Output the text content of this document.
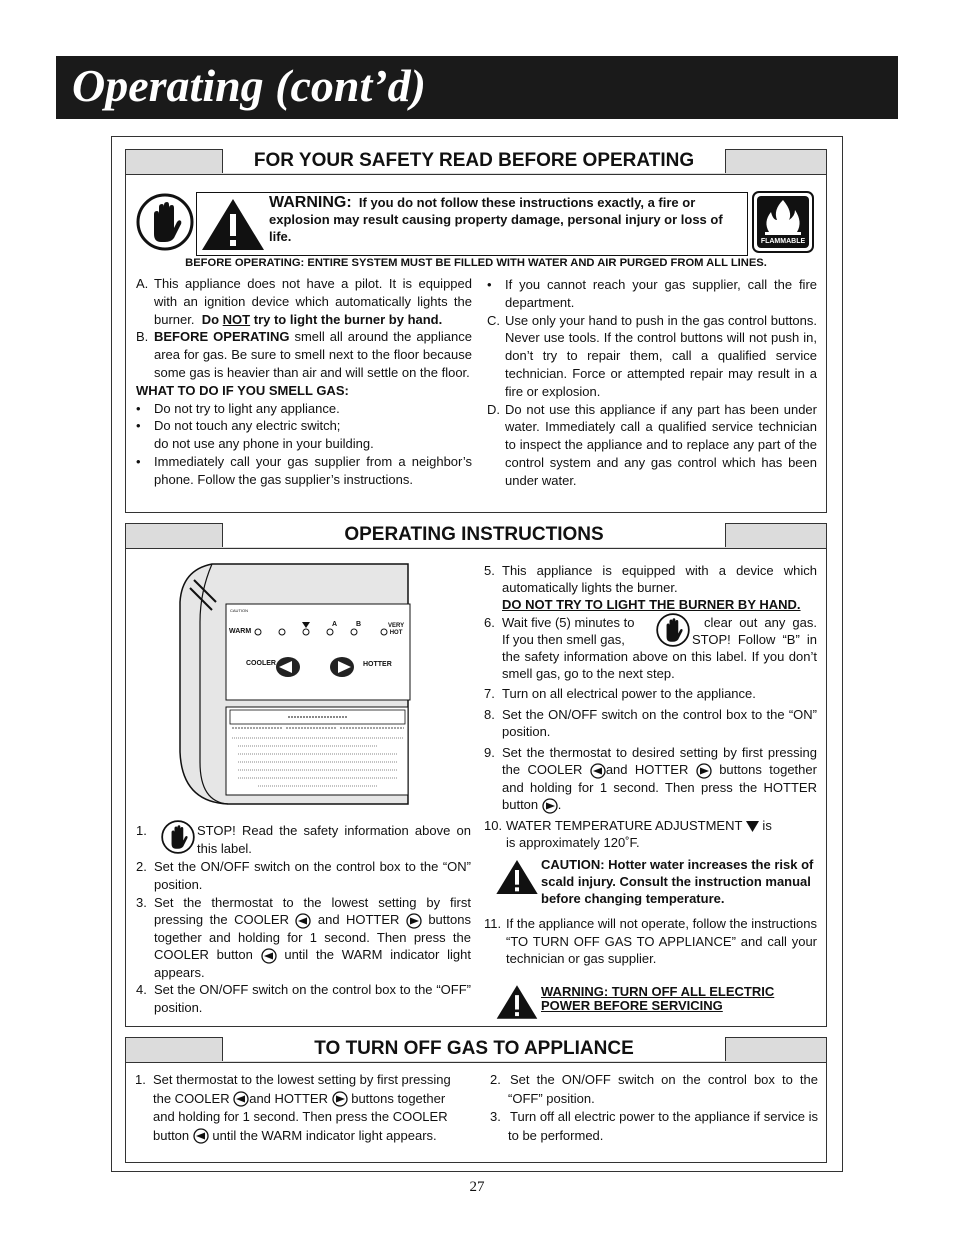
Operating (cont’d)
FOR YOUR SAFETY READ BEFORE OPERATING
WARNING: If you do not follow these instructions exactly, a fire or explosion may result causing property damage, personal injury or loss of life.	FLAMMABLE
BEFORE OPERATING: ENTIRE SYSTEM MUST BE FILLED WITH WATER AND AIR PURGED FROM ALL LINES.

A. This appliance does not have a pilot. It is equipped with an ignition device which automatically lights the burner. Do NOT try to light the burner by hand.

B. BEFORE OPERATING smell all around the appliance area for gas. Be sure to smell next to the floor because some gas is heavier than air and will settle on the floor.

WHAT TO DO IF YOU SMELL GAS:

• Do not try to light any appliance.

• Do not touch any electric switch;
do not use any phone in your building.

• Immediately call your gas supplier from a neighbor’s phone. Follow the gas supplier’s instructions.

• If you cannot reach your gas supplier, call the fire department.

C. Use only your hand to push in the gas control buttons. Never use tools. If the control buttons will not push in, don’t try to repair them, call a qualified service technician. Force or attempted repair may result in a fire or explosion.

D. Do not use this appliance if any part has been under water. Immediately call a qualified service technician to inspect the appliance and to replace any part of the control system and any gas control which has been under water.

OPERATING INSTRUCTIONS
CAUTION
WARM
A	B	VERY
HOT
COOLER	HOTTER
1.	STOP! Read the safety information above on this label.

2. Set the ON/OFF switch on the control box to the “ON” position.

3. Set the thermostat to the lowest setting by first pressing the COOLER and HOTTER buttons together and holding for 1 second. Then press the COOLER button until the WARM indicator light appears.

4. Set the ON/OFF switch on the control box to the “OFF” position.

5. This appliance is equipped with a device which automatically lights the burner.
DO NOT TRY TO LIGHT THE BURNER BY HAND.

6. Wait five (5) minutes to	clear out any gas. If you then smell gas,	STOP! Follow “B” in the safety information above on this label. If you don’t smell gas, go to the next step.

7. Turn on all electrical power to the appliance.

8. Set the ON/OFF switch on the control box to the “ON” position.

9. Set the thermostat to desired setting by first pressing the COOLER and HOTTER buttons together and holding for 1 second. Then press the HOTTER button .

10. WATER TEMPERATURE ADJUSTMENT  is
is approximately 120˚F.

CAUTION: Hotter water increases the risk of scald injury. Consult the instruction manual before changing temperature.
11. If the appliance will not operate, follow the instructions “TO TURN OFF GAS TO APPLIANCE” and call your technician or gas supplier.
WARNING: TURN OFF ALL ELECTRIC
POWER BEFORE SERVICING
TO TURN OFF GAS TO APPLIANCE
1. Set thermostat to the lowest setting by first pressing the COOLER and HOTTER buttons together and holding for 1 second. Then press the COOLER button until the WARM indicator light appears.

2. Set the ON/OFF switch on the control box to the “OFF” position.

3. Turn off all electric power to the appliance if service is to be performed.

27
